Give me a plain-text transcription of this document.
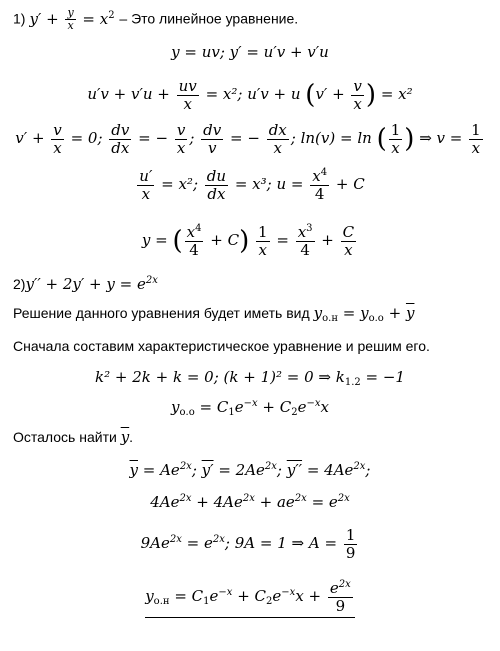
1) $y' + \frac{y}{x} = x^2$ – Это линейное уравнение.
y = uv; y′ = u′v + v′u
$u'v + v'u + \frac{uv}{x} = x^2$; u′v + u ($v' + \frac{v}{x}$ ) = x²
$v' + \frac{v}{x} = 0$; $\frac{dv}{dx}$ = − $\frac{v}{x}$ ; $\frac{dv}{v}$ = − $\frac{dx}{x}$ ; ln(v) = ln ( $\frac{1}{x}$ ) ⇒ $v = \frac{1}{x}$
$\frac{u'}{x} = x^2$; $\frac{du}{dx} = x^3$; $u = \frac{x^4}{4} + C$
y = ( $\frac{x^4}{4} + C) \frac{1}{x} = \frac{x^3}{4} + \frac{C}{x}$
$2)y'' + 2y' + y = e^{2x}$
Решение данного уравнения будет иметь вид $y_{о.н} = y_{о.о} + \overline{y}$
Сначала составим характеристическое уравнение и решим его.
k² + 2k + k = 0; (k + 1)² = 0 ⇒ $k_{1.2} = -1$
$y_{о.о} = C_1e^{-x} + C_2e^{-x}x$
Осталось найти $\overline{y}$.
$\overline{y} = Ae^{2x}$; $y' = 2Ae^{2x}$; $y'' = 4Ae^{2x}$;
$4Ae^{2x} + 4Ae^{2x} + ae^{2x} = e^{2x}$
$9Ae^{2x} = e^{2x}$; 9A = 1 ⇒ $A = \frac{1}{9}$
$y_{о.н} = C_1e^{-x} + C_2e^{-x}x + \frac{e^{2x}}{9}$
